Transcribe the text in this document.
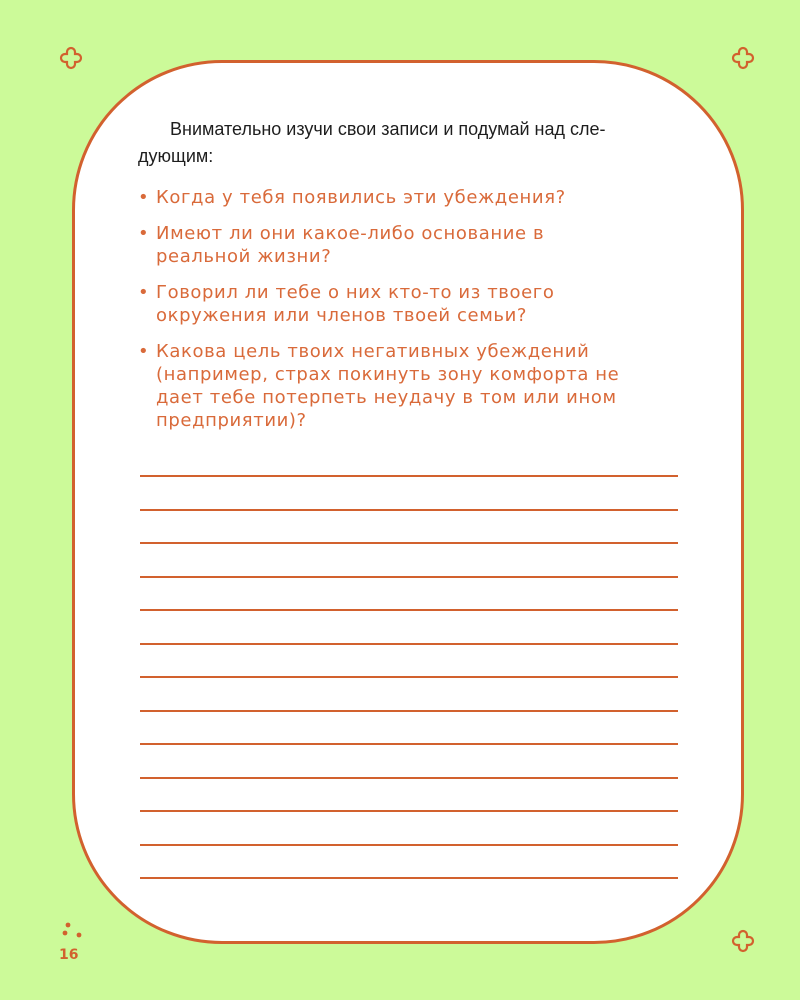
Внимательно изучи свои записи и подумай над сле-
дующим:

• Когда у тебя появились эти убеждения?
• Имеют ли они какое-либо основание в
реальной жизни?
• Говорил ли тебе о них кто-то из твоего
окружения или членов твоей семьи?
• Какова цель твоих негативных убеждений
(например, страх покинуть зону комфорта не
дает тебе потерпеть неудачу в том или ином
предприятии)?
16
